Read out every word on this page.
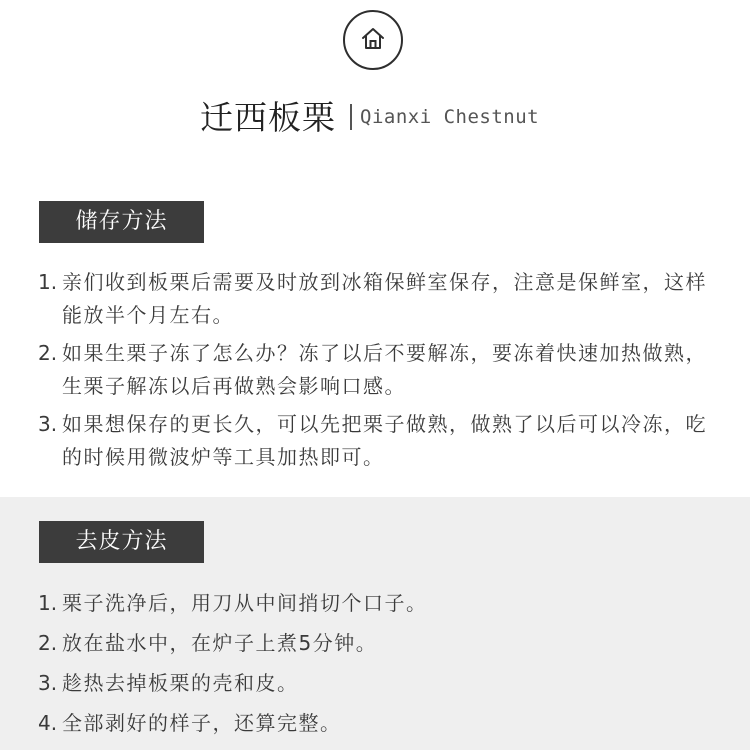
迁西板栗 Qianxi Chestnut
储存方法
1. 亲们收到板栗后需要及时放到冰箱保鲜室保存，注意是保鲜室，这样能放半个月左右。
2. 如果生栗子冻了怎么办？冻了以后不要解冻，要冻着快速加热做熟，生栗子解冻以后再做熟会影响口感。
3. 如果想保存的更长久，可以先把栗子做熟，做熟了以后可以冷冻，吃的时候用微波炉等工具加热即可。
去皮方法
1. 栗子洗净后，用刀从中间捎切个口子。
2. 放在盐水中，在炉子上煮5分钟。
3. 趁热去掉板栗的壳和皮。
4. 全部剥好的样子，还算完整。
